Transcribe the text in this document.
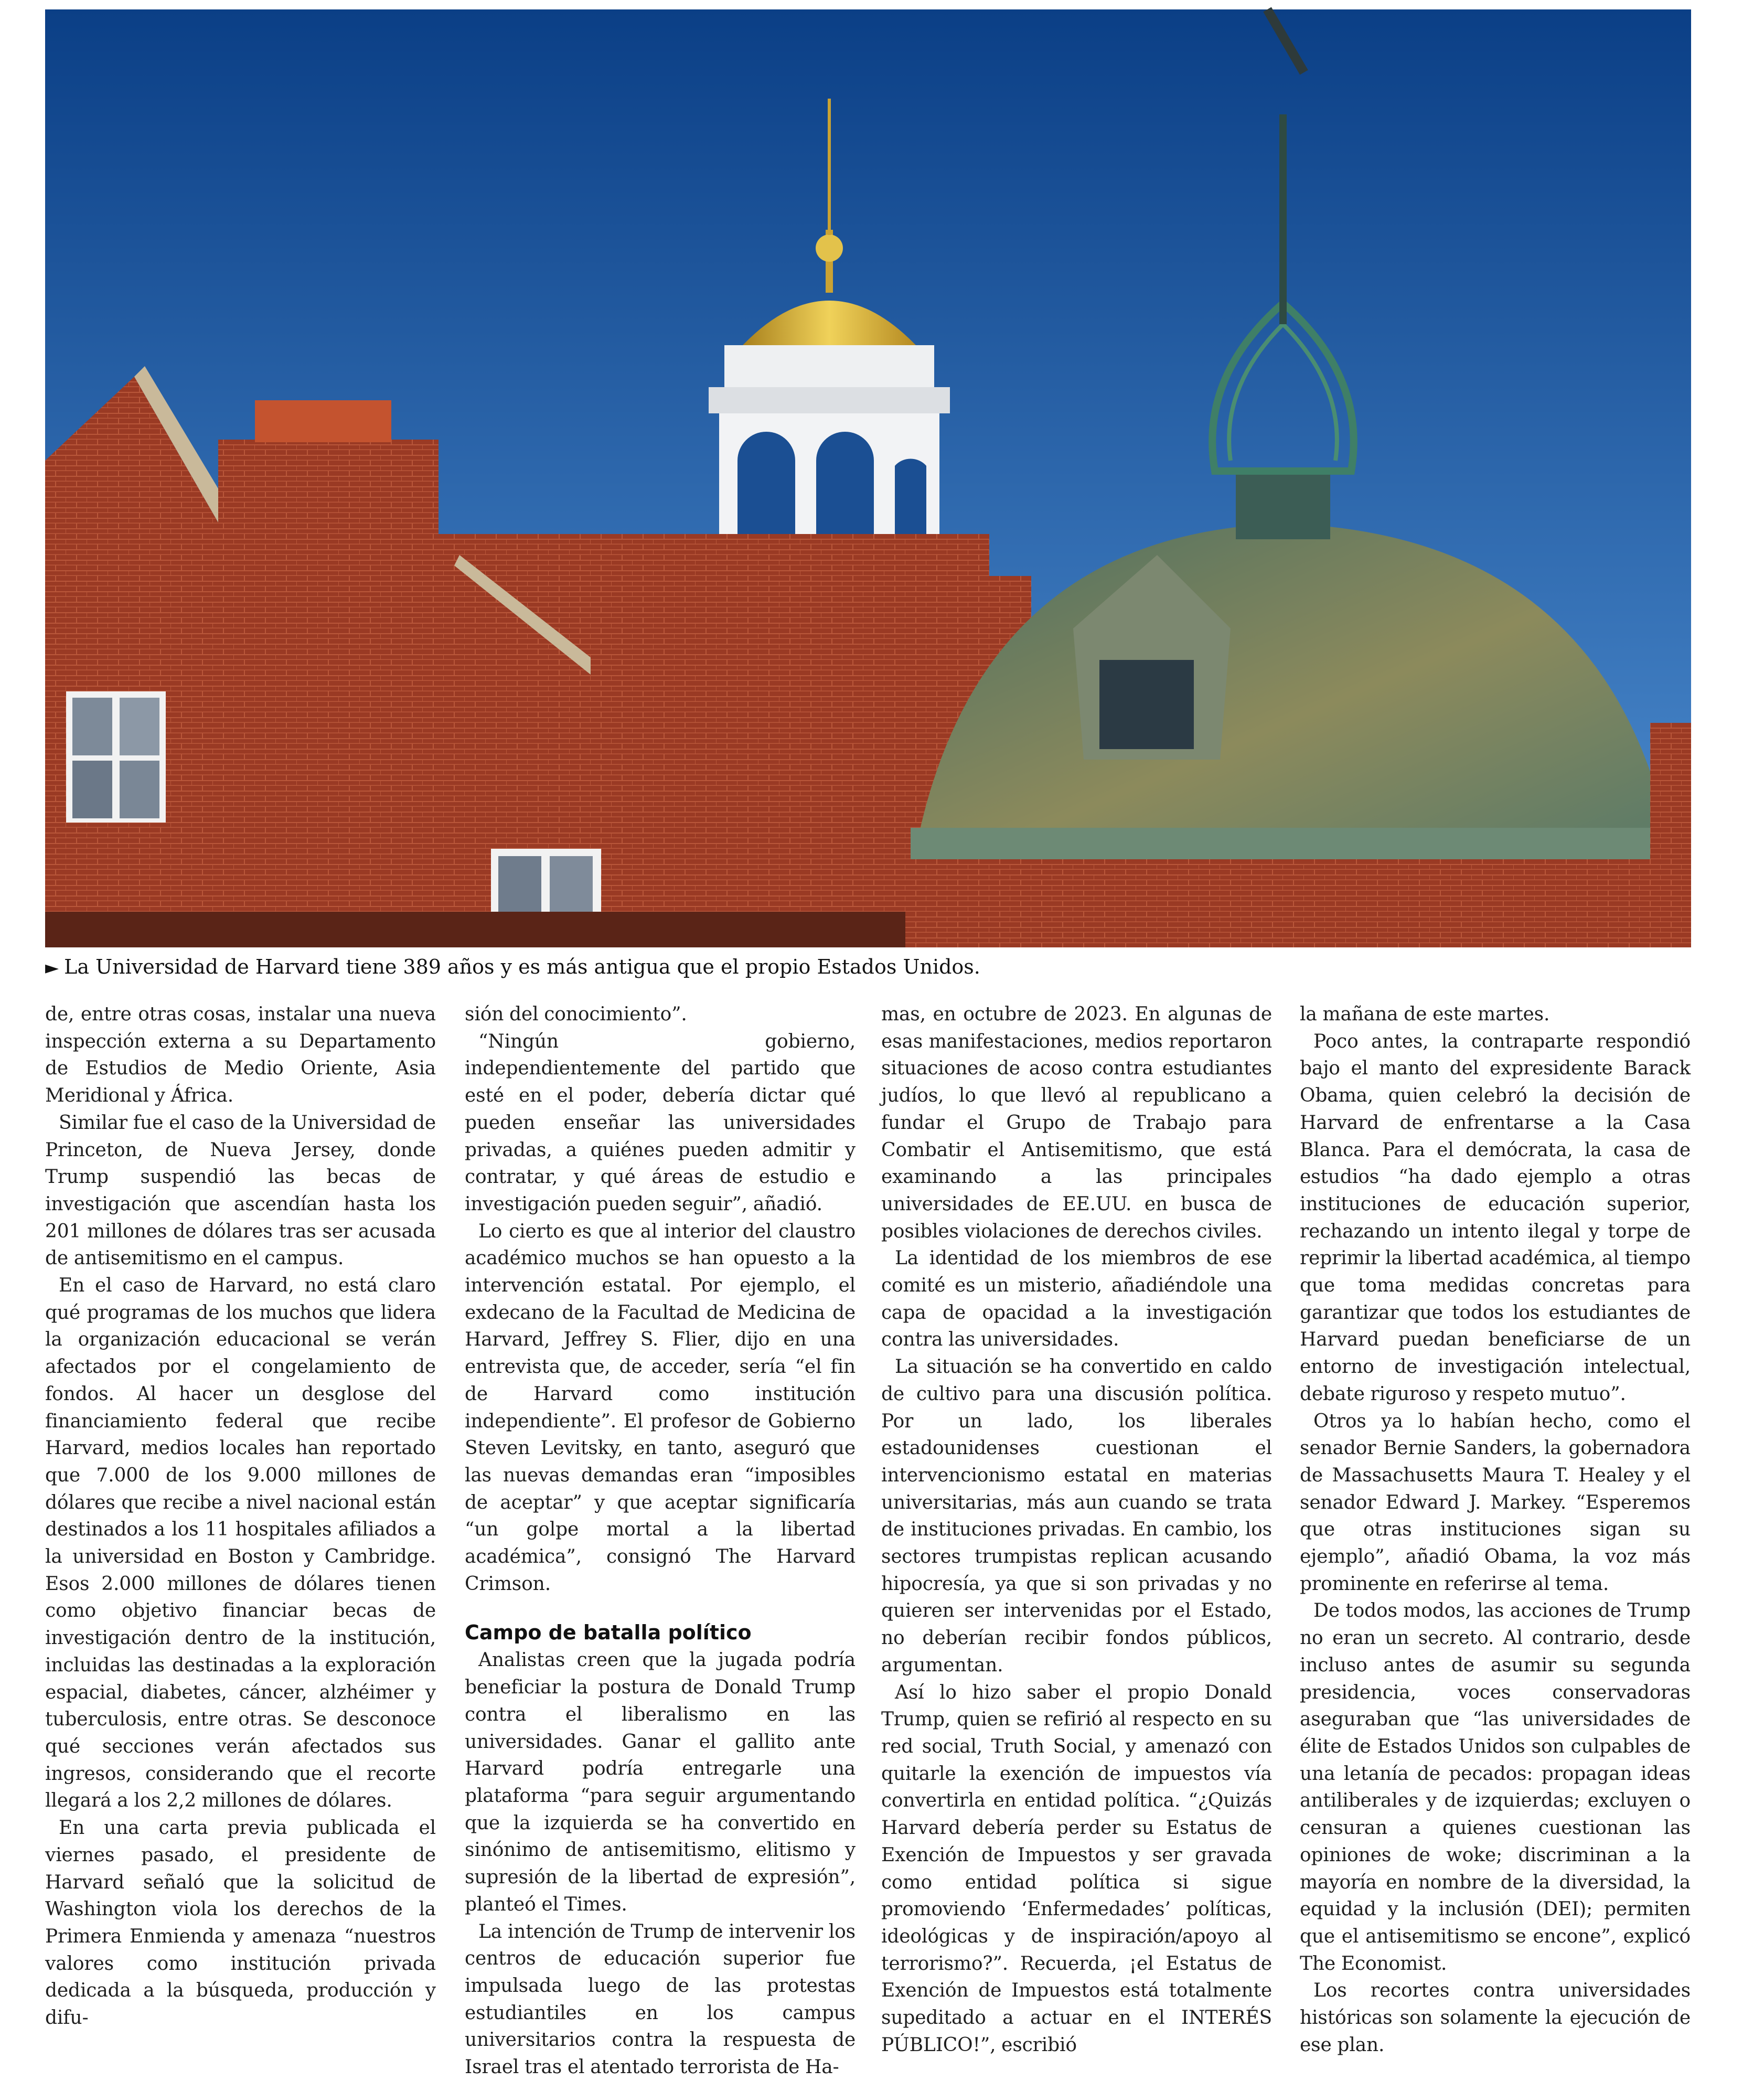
► La Universidad de Harvard tiene 389 años y es más antigua que el propio Estados Unidos.

de, entre otras cosas, instalar una nueva inspección externa a su Departamento de Estudios de Medio Oriente, Asia Meridional y África.

Similar fue el caso de la Universidad de Princeton, de Nueva Jersey, donde Trump suspendió las becas de investigación que ascendían hasta los 201 millones de dólares tras ser acusada de antisemitismo en el campus.

En el caso de Harvard, no está claro qué programas de los muchos que lidera la organización educacional se verán afectados por el congelamiento de fondos. Al hacer un desglose del financiamiento federal que recibe Harvard, medios locales han reportado que 7.000 de los 9.000 millones de dólares que recibe a nivel nacional están destinados a los 11 hospitales afiliados a la universidad en Boston y Cambridge. Esos 2.000 millones de dólares tienen como objetivo financiar becas de investigación dentro de la institución, incluidas las destinadas a la exploración espacial, diabetes, cáncer, alzhéimer y tuberculosis, entre otras. Se desconoce qué secciones verán afectados sus ingresos, considerando que el recorte llegará a los 2,2 millones de dólares.

En una carta previa publicada el viernes pasado, el presidente de Harvard señaló que la solicitud de Washington viola los derechos de la Primera Enmienda y amenaza “nuestros valores como institución privada dedicada a la búsqueda, producción y difu-

sión del conocimiento”.

“Ningún gobierno, independientemente del partido que esté en el poder, debería dictar qué pueden enseñar las universidades privadas, a quiénes pueden admitir y contratar, y qué áreas de estudio e investigación pueden seguir”, añadió.

Lo cierto es que al interior del claustro académico muchos se han opuesto a la intervención estatal. Por ejemplo, el exdecano de la Facultad de Medicina de Harvard, Jeffrey S. Flier, dijo en una entrevista que, de acceder, sería “el fin de Harvard como institución independiente”. El profesor de Gobierno Steven Levitsky, en tanto, aseguró que las nuevas demandas eran “imposibles de aceptar” y que aceptar significaría “un golpe mortal a la libertad académica”, consignó The Harvard Crimson.

Campo de batalla político

Analistas creen que la jugada podría beneficiar la postura de Donald Trump contra el liberalismo en las universidades. Ganar el gallito ante Harvard podría entregarle una plataforma “para seguir argumentando que la izquierda se ha convertido en sinónimo de antisemitismo, elitismo y supresión de la libertad de expresión”, planteó el Times.

La intención de Trump de intervenir los centros de educación superior fue impulsada luego de las protestas estudiantiles en los campus universitarios contra la respuesta de Israel tras el atentado terrorista de Ha-

mas, en octubre de 2023. En algunas de esas manifestaciones, medios reportaron situaciones de acoso contra estudiantes judíos, lo que llevó al republicano a fundar el Grupo de Trabajo para Combatir el Antisemitismo, que está examinando a las principales universidades de EE.UU. en busca de posibles violaciones de derechos civiles.

La identidad de los miembros de ese comité es un misterio, añadiéndole una capa de opacidad a la investigación contra las universidades.

La situación se ha convertido en caldo de cultivo para una discusión política. Por un lado, los liberales estadounidenses cuestionan el intervencionismo estatal en materias universitarias, más aun cuando se trata de instituciones privadas. En cambio, los sectores trumpistas replican acusando hipocresía, ya que si son privadas y no quieren ser intervenidas por el Estado, no deberían recibir fondos públicos, argumentan.

Así lo hizo saber el propio Donald Trump, quien se refirió al respecto en su red social, Truth Social, y amenazó con quitarle la exención de impuestos vía convertirla en entidad política. “¿Quizás Harvard debería perder su Estatus de Exención de Impuestos y ser gravada como entidad política si sigue promoviendo ‘Enfermedades’ políticas, ideológicas y de inspiración/apoyo al terrorismo?”. Recuerda, ¡el Estatus de Exención de Impuestos está totalmente supeditado a actuar en el INTERÉS PÚBLICO!”, escribió

la mañana de este martes.

Poco antes, la contraparte respondió bajo el manto del expresidente Barack Obama, quien celebró la decisión de Harvard de enfrentarse a la Casa Blanca. Para el demócrata, la casa de estudios “ha dado ejemplo a otras instituciones de educación superior, rechazando un intento ilegal y torpe de reprimir la libertad académica, al tiempo que toma medidas concretas para garantizar que todos los estudiantes de Harvard puedan beneficiarse de un entorno de investigación intelectual, debate riguroso y respeto mutuo”.

Otros ya lo habían hecho, como el senador Bernie Sanders, la gobernadora de Massachusetts Maura T. Healey y el senador Edward J. Markey. “Esperemos que otras instituciones sigan su ejemplo”, añadió Obama, la voz más prominente en referirse al tema.

De todos modos, las acciones de Trump no eran un secreto. Al contrario, desde incluso antes de asumir su segunda presidencia, voces conservadoras aseguraban que “las universidades de élite de Estados Unidos son culpables de una letanía de pecados: propagan ideas antiliberales y de izquierdas; excluyen o censuran a quienes cuestionan las opiniones de woke; discriminan a la mayoría en nombre de la diversidad, la equidad y la inclusión (DEI); permiten que el antisemitismo se encone”, explicó The Economist.

Los recortes contra universidades históricas son solamente la ejecución de ese plan.
